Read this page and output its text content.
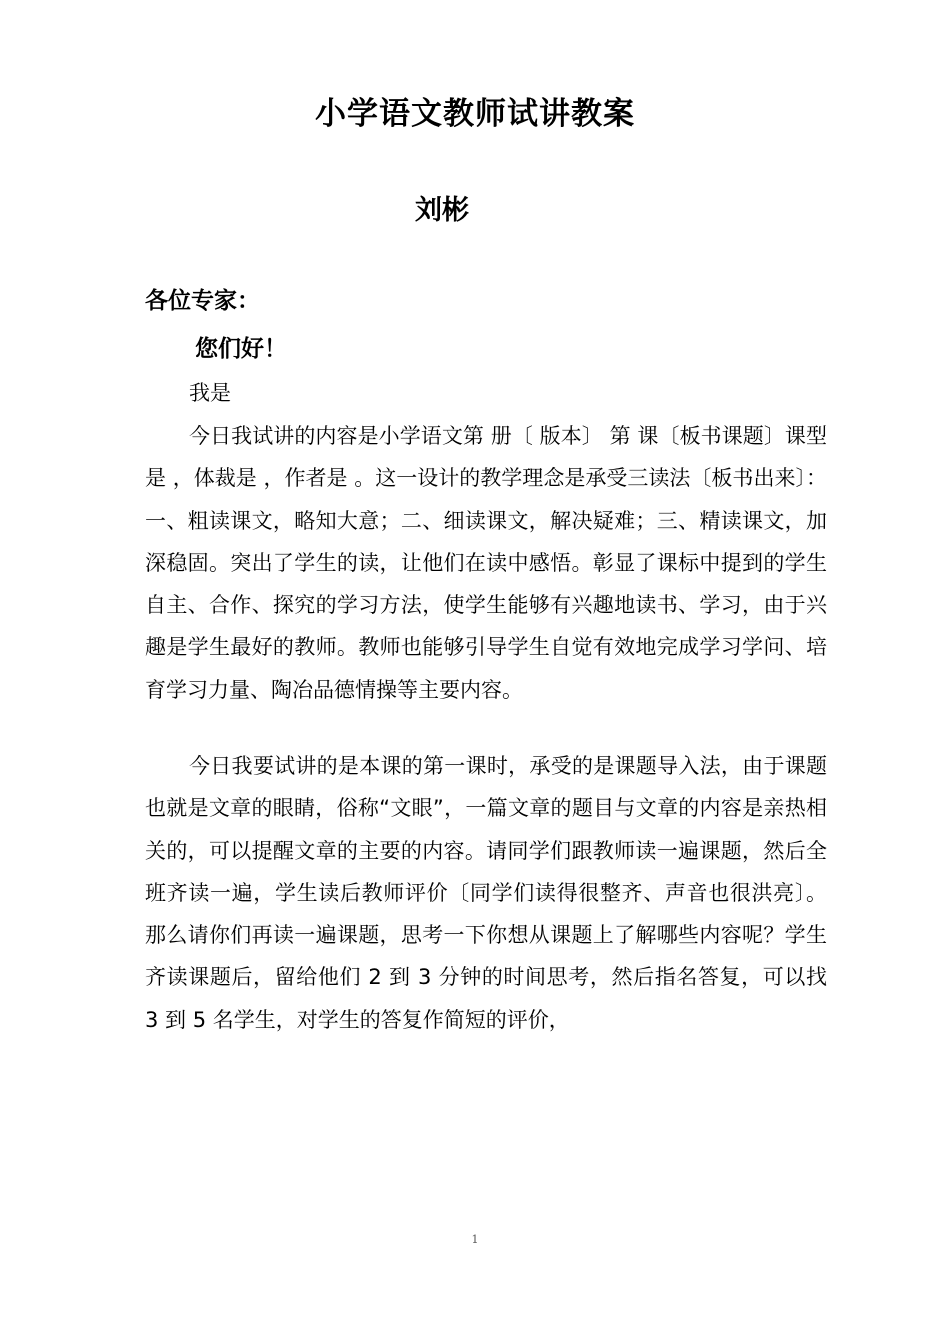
小学语文教师试讲教案
刘彬
各位专家：
您们好！

我是

今日我试讲的内容是小学语文第 册〔 版本〕 第 课〔板书课题〕课型是 ，体裁是 ，作者是 。这一设计的教学理念是承受三读法〔板书出来〕：一、粗读课文，略知大意；二、细读课文，解决疑难；三、精读课文，加深稳固。突出了学生的读，让他们在读中感悟。彰显了课标中提到的学生自主、合作、探究的学习方法，使学生能够有兴趣地读书、学习，由于兴趣是学生最好的教师。教师也能够引导学生自觉有效地完成学习学问、培育学习力量、陶冶品德情操等主要内容。

今日我要试讲的是本课的第一课时，承受的是课题导入法，由于课题也就是文章的眼睛，俗称“文眼”，一篇文章的题目与文章的内容是亲热相关的，可以提醒文章的主要的内容。请同学们跟教师读一遍课题，然后全班齐读一遍，学生读后教师评价〔同学们读得很整齐、声音也很洪亮〕。那么请你们再读一遍课题，思考一下你想从课题上了解哪些内容呢？学生齐读课题后，留给他们 2 到 3 分钟的时间思考，然后指名答复，可以找 3 到 5 名学生，对学生的答复作简短的评价，

1
